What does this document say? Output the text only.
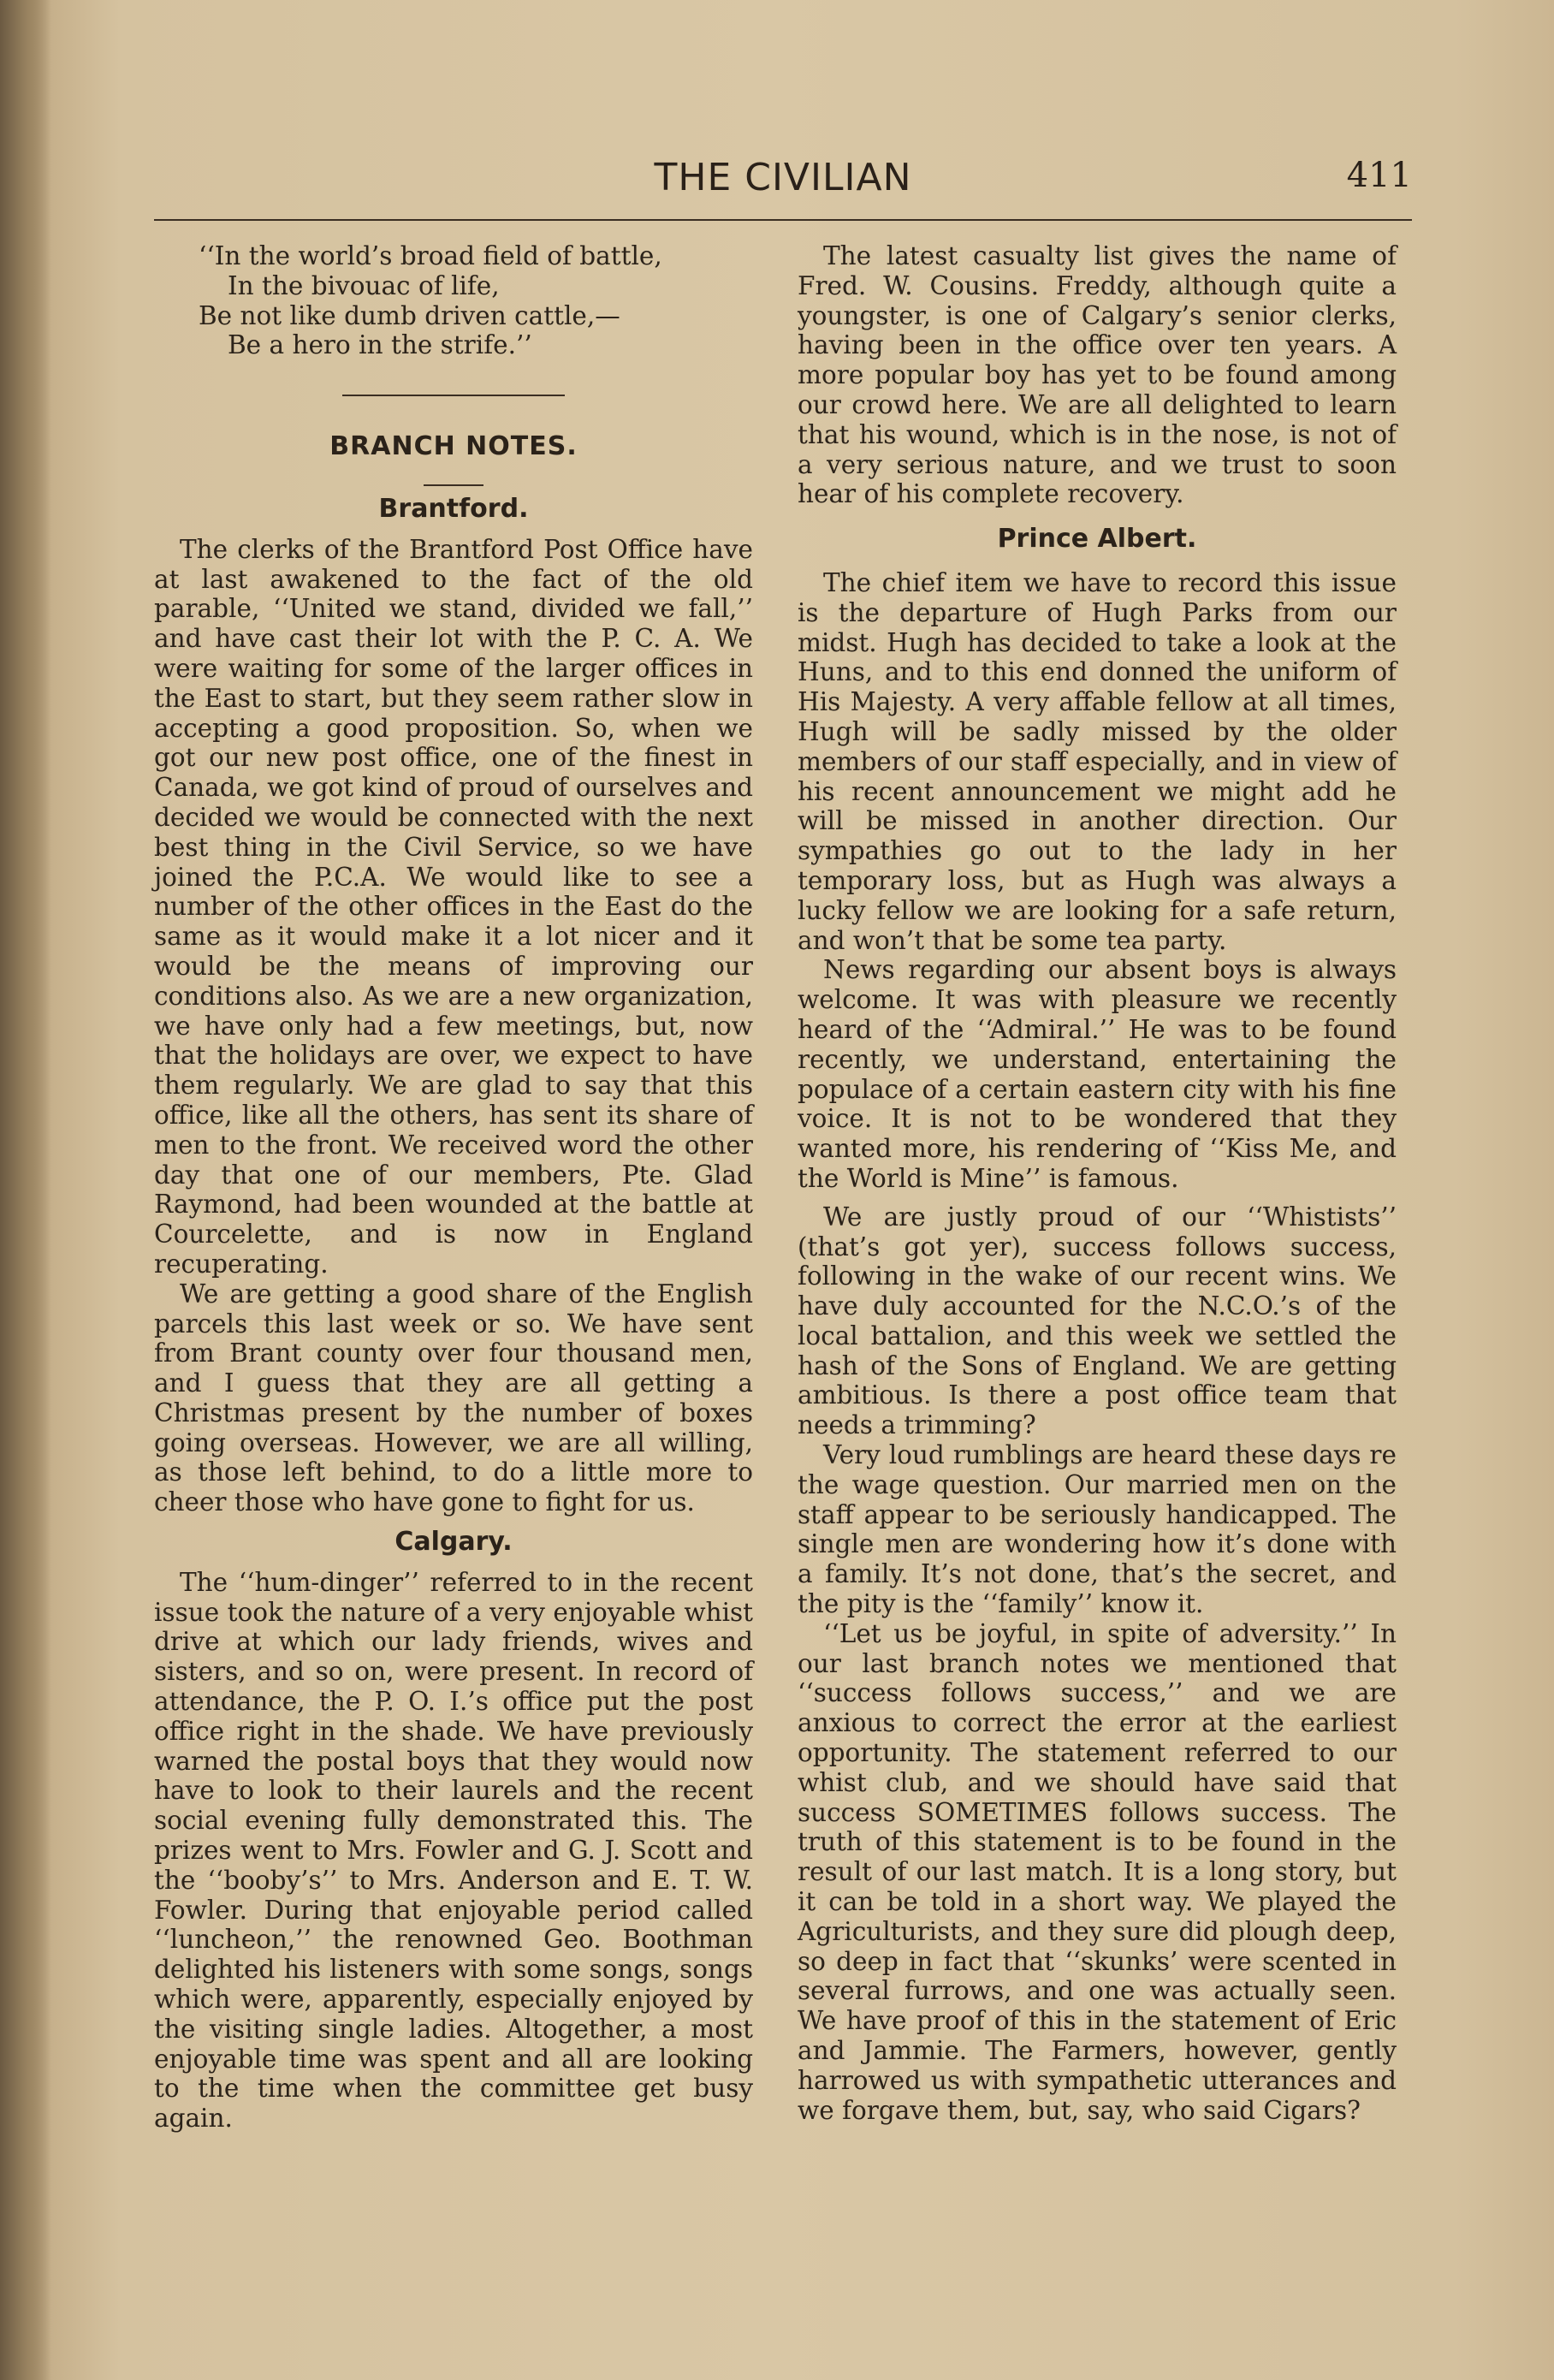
THE CIVILIAN	411
‘‘In the world’s broad field of battle,
In the bivouac of life,
Be not like dumb driven cattle,—
Be a hero in the strife.’’
BRANCH NOTES.
Brantford.

The clerks of the Brantford Post Office have at last awakened to the fact of the old parable, ‘‘United we stand, divided we fall,’’ and have cast their lot with the P. C. A. We were waiting for some of the larger offices in the East to start, but they seem rather slow in accepting a good proposition. So, when we got our new post office, one of the finest in Canada, we got kind of proud of ourselves and decided we would be connected with the next best thing in the Civil Service, so we have joined the P.C.A. We would like to see a number of the other offices in the East do the same as it would make it a lot nicer and it would be the means of improving our conditions also. As we are a new organization, we have only had a few meetings, but, now that the holidays are over, we expect to have them regularly. We are glad to say that this office, like all the others, has sent its share of men to the front. We received word the other day that one of our members, Pte. Glad Raymond, had been wounded at the battle at Courcelette, and is now in England recuperating.

We are getting a good share of the English parcels this last week or so. We have sent from Brant county over four thousand men, and I guess that they are all getting a Christmas present by the number of boxes going overseas. However, we are all willing, as those left behind, to do a little more to cheer those who have gone to fight for us.

Calgary.

The ‘‘hum-dinger’’ referred to in the recent issue took the nature of a very enjoyable whist drive at which our lady friends, wives and sisters, and so on, were present. In record of attendance, the P. O. I.’s office put the post office right in the shade. We have previously warned the postal boys that they would now have to look to their laurels and the recent social evening fully demonstrated this. The prizes went to Mrs. Fowler and G. J. Scott and the ‘‘booby’s’’ to Mrs. Anderson and E. T. W. Fowler. During that enjoyable period called ‘‘luncheon,’’ the renowned Geo. Boothman delighted his listeners with some songs, songs which were, apparently, especially enjoyed by the visiting single ladies. Altogether, a most enjoyable time was spent and all are looking to the time when the committee get busy again.

The latest casualty list gives the name of Fred. W. Cousins. Freddy, although quite a youngster, is one of Calgary’s senior clerks, having been in the office over ten years. A more popular boy has yet to be found among our crowd here. We are all delighted to learn that his wound, which is in the nose, is not of a very serious nature, and we trust to soon hear of his complete recovery.

Prince Albert.

The chief item we have to record this issue is the departure of Hugh Parks from our midst. Hugh has decided to take a look at the Huns, and to this end donned the uniform of His Majesty. A very affable fellow at all times, Hugh will be sadly missed by the older members of our staff especially, and in view of his recent announcement we might add he will be missed in another direction. Our sympathies go out to the lady in her temporary loss, but as Hugh was always a lucky fellow we are looking for a safe return, and won’t that be some tea party.

News regarding our absent boys is always welcome. It was with pleasure we recently heard of the ‘‘Admiral.’’ He was to be found recently, we understand, entertaining the populace of a certain eastern city with his fine voice. It is not to be wondered that they wanted more, his rendering of ‘‘Kiss Me, and the World is Mine’’ is famous.

We are justly proud of our ‘‘Whistists’’ (that’s got yer), success follows success, following in the wake of our recent wins. We have duly accounted for the N.C.O.’s of the local battalion, and this week we settled the hash of the Sons of England. We are getting ambitious. Is there a post office team that needs a trimming?

Very loud rumblings are heard these days re the wage question. Our married men on the staff appear to be seriously handicapped. The single men are wondering how it’s done with a family. It’s not done, that’s the secret, and the pity is the ‘‘family’’ know it.

‘‘Let us be joyful, in spite of adversity.’’ In our last branch notes we mentioned that ‘‘success follows success,’’ and we are anxious to correct the error at the earliest opportunity. The statement referred to our whist club, and we should have said that success SOMETIMES follows success. The truth of this statement is to be found in the result of our last match. It is a long story, but it can be told in a short way. We played the Agriculturists, and they sure did plough deep, so deep in fact that ‘‘skunks’ were scented in several furrows, and one was actually seen. We have proof of this in the statement of Eric and Jammie. The Farmers, however, gently harrowed us with sympathetic utterances and we forgave them, but, say, who said Cigars?
